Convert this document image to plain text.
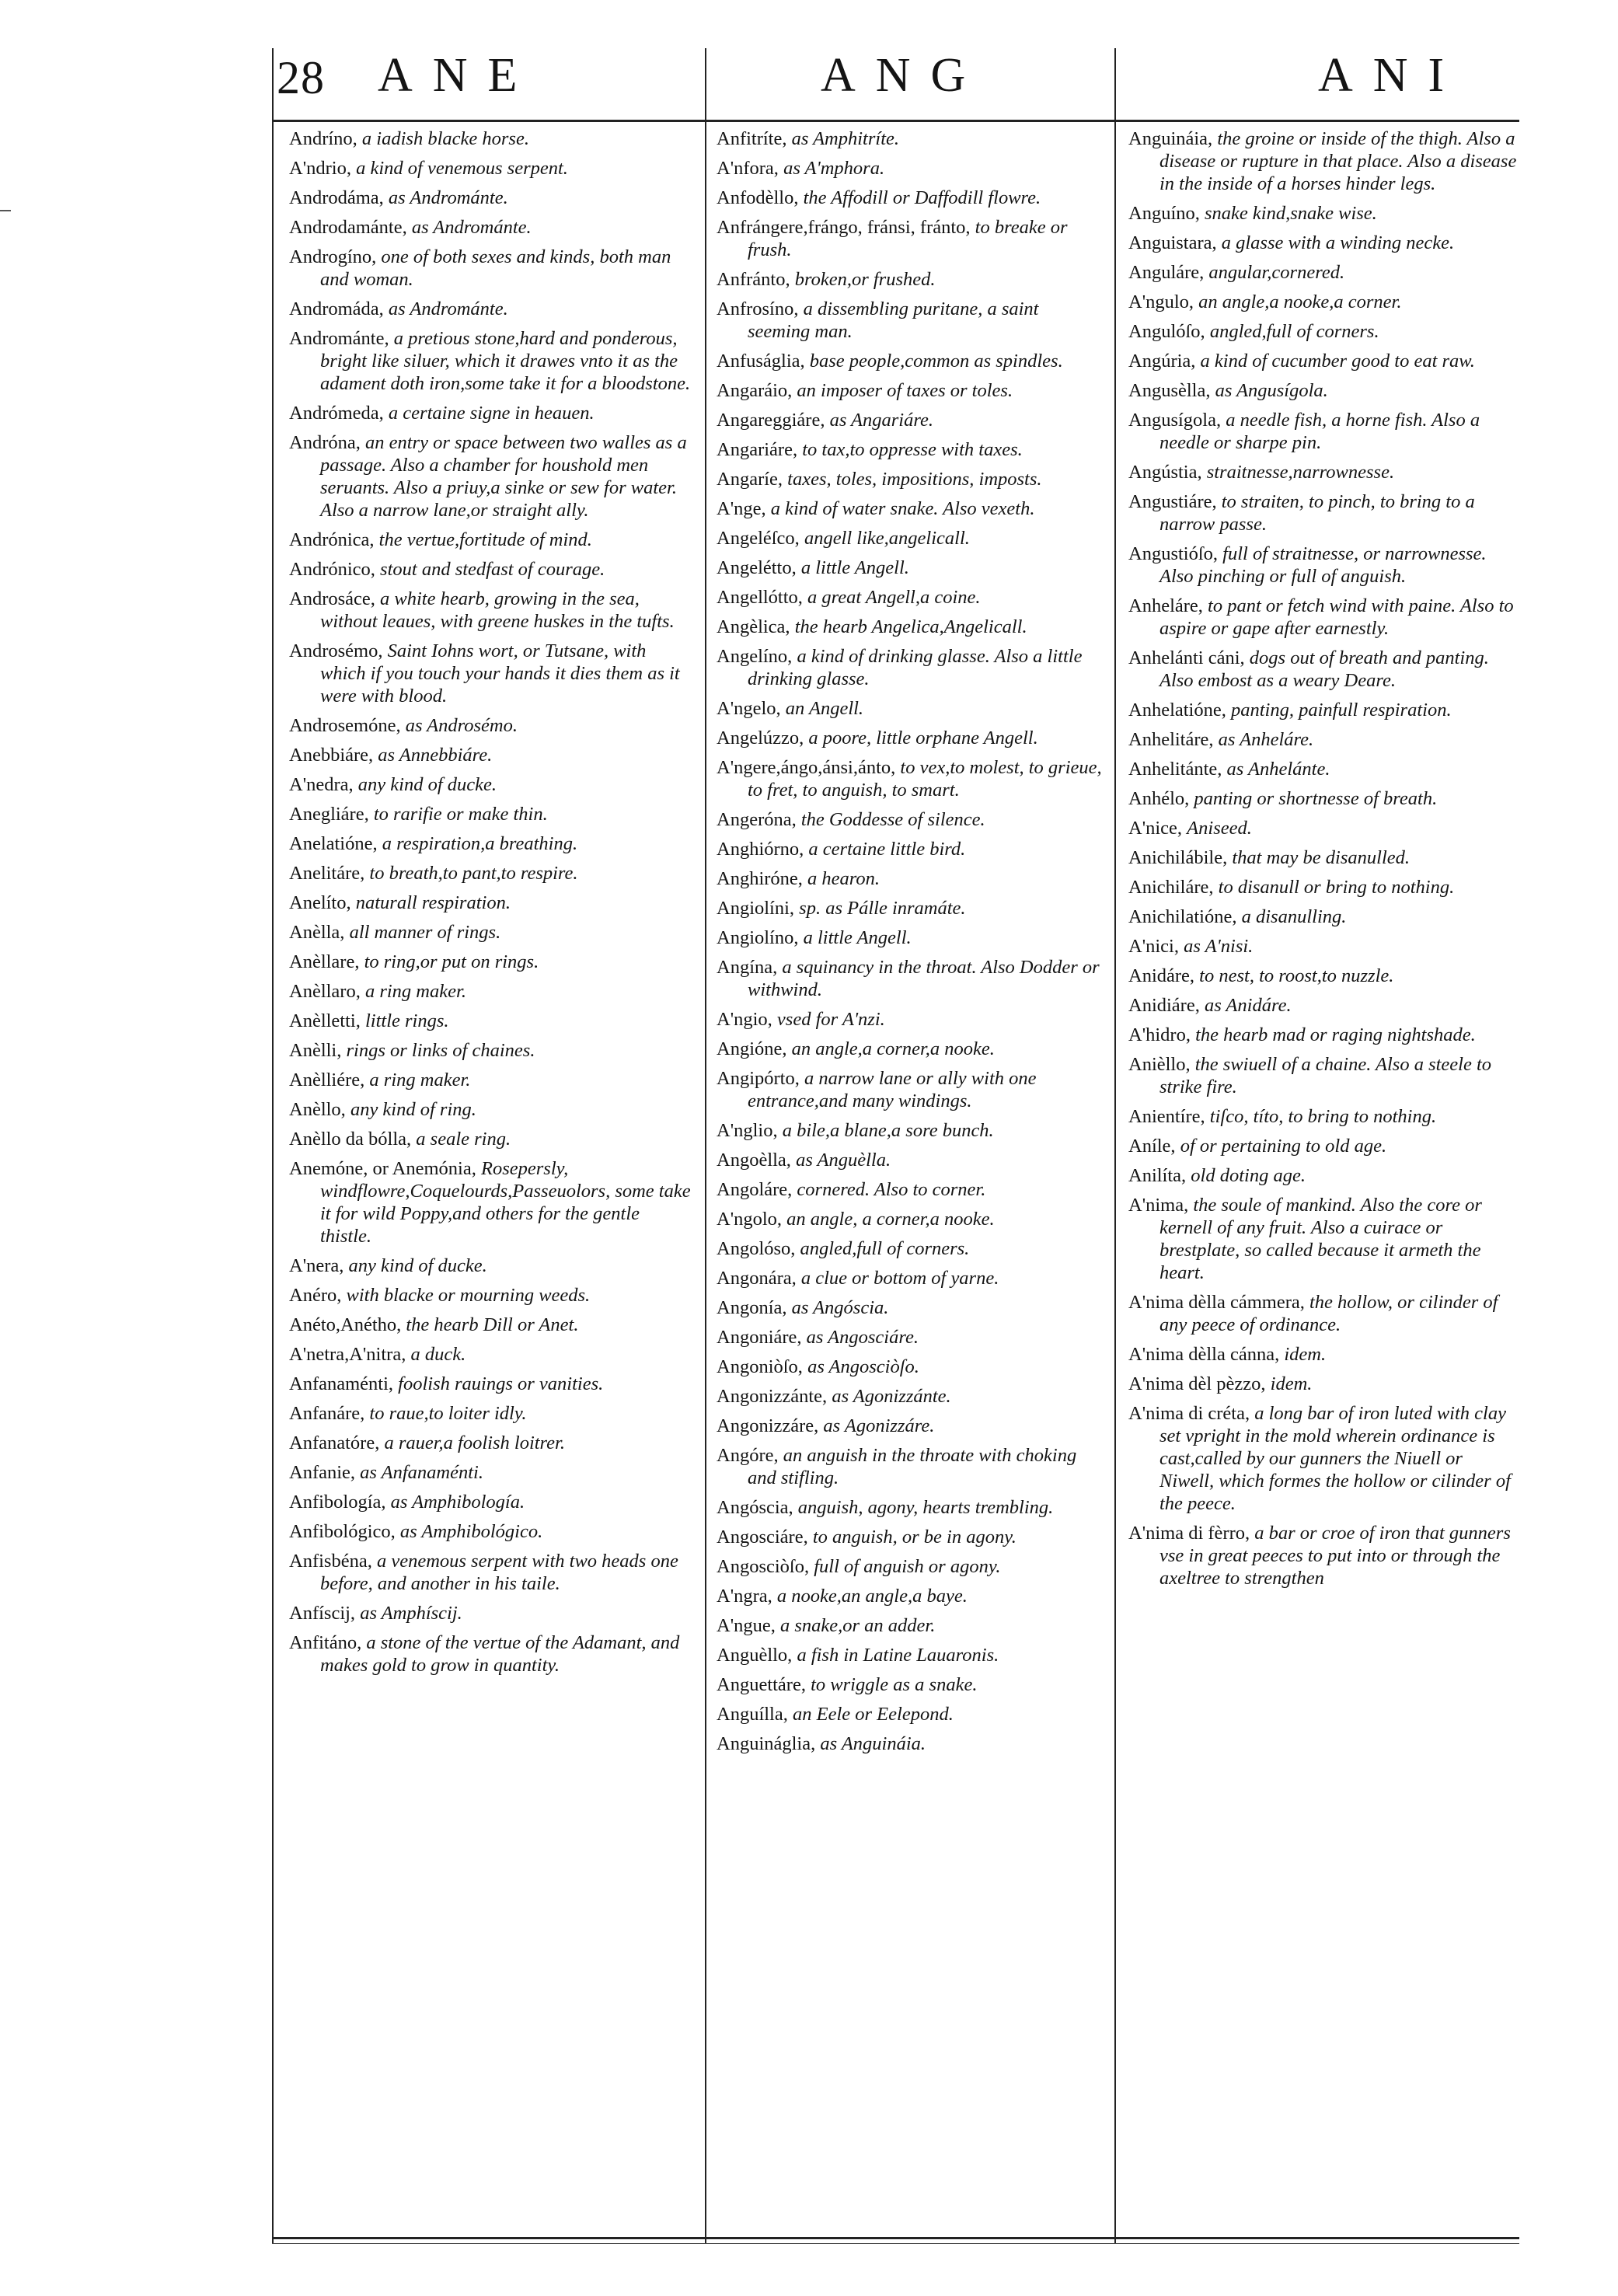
28 ANE	ANG	ANI
Andríno, a iadish blacke horse.
A'ndrio, a kind of venemous serpent.
Androdáma, as Andrománte.
Androdamánte, as Andrománte.
Androgíno, one of both sexes and kinds, both man and woman.
Andromáda, as Andrománte.
Andrománte, a pretious stone,hard and ponderous, bright like siluer, which it drawes vnto it as the adament doth iron,some take it for a bloodstone.
Andrómeda, a certaine signe in heauen.
Andróna, an entry or space between two walles as a passage. Also a chamber for houshold men seruants. Also a priuy,a sinke or sew for water. Also a narrow lane,or straight ally.
Andrónica, the vertue,fortitude of mind.
Andrónico, stout and stedfast of courage.
Androsáce, a white hearb, growing in the sea, without leaues, with greene huskes in the tufts.
Androsémo, Saint Iohns wort, or Tutsane, with which if you touch your hands it dies them as it were with blood.
Androsemóne, as Androsémo.
Anebbiáre, as Annebbiáre.
A'nedra, any kind of ducke.
Anegliáre, to rarifie or make thin.
Anelatióne, a respiration,a breathing.
Anelitáre, to breath,to pant,to respire.
Anelíto, naturall respiration.
Anèlla, all manner of rings.
Anèllare, to ring,or put on rings.
Anèllaro, a ring maker.
Anèlletti, little rings.
Anèlli, rings or links of chaines.
Anèlliére, a ring maker.
Anèllo, any kind of ring.
Anèllo da bólla, a seale ring.
Anemóne, or Anemónia, Rosepersly, windflowre,Coquelourds,Passeuolors, some take it for wild Poppy,and others for the gentle thistle.
A'nera, any kind of ducke.
Anéro, with blacke or mourning weeds.
Anéto,Anétho, the hearb Dill or Anet.
A'netra,A'nitra, a duck.
Anfanaménti, foolish rauings or vanities.
Anfanáre, to raue,to loiter idly.
Anfanatóre, a rauer,a foolish loitrer.
Anfanie, as Anfanaménti.
Anfibología, as Amphibología.
Anfibológico, as Amphibológico.
Anfisbéna, a venemous serpent with two heads one before, and another in his taile.
Anfíscij, as Amphíscij.
Anfitáno, a stone of the vertue of the Adamant, and makes gold to grow in quantity.
Anfitríte, as Amphitríte.
A'nfora, as A'mphora.
Anfodèllo, the Affodill or Daffodill flowre.
Anfrángere,frángo, fránsi, fránto, to breake or frush.
Anfránto, broken,or frushed.
Anfrosíno, a dissembling puritane, a saint seeming man.
Anfuságlia, base people,common as spindles.
Angaráio, an imposer of taxes or toles.
Angareggiáre, as Angariáre.
Angariáre, to tax,to oppresse with taxes.
Angaríe, taxes, toles, impositions, imposts.
A'nge, a kind of water snake. Also vexeth.
Angeléſco, angell like,angelicall.
Angelétto, a little Angell.
Angellótto, a great Angell,a coine.
Angèlica, the hearb Angelica,Angelicall.
Angelíno, a kind of drinking glasse. Also a little drinking glasse.
A'ngelo, an Angell.
Angelúzzo, a poore, little orphane Angell.
A'ngere,ángo,ánsi,ánto, to vex,to molest, to grieue, to fret, to anguish, to smart.
Angeróna, the Goddesse of silence.
Anghiórno, a certaine little bird.
Anghiróne, a hearon.
Angiolíni, sp. as Pálle inramáte.
Angiolíno, a little Angell.
Angína, a squinancy in the throat. Also Dodder or withwind.
A'ngio, vsed for A'nzi.
Angióne, an angle,a corner,a nooke.
Angipórto, a narrow lane or ally with one entrance,and many windings.
A'nglio, a bile,a blane,a sore bunch.
Angoèlla, as Anguèlla.
Angoláre, cornered. Also to corner.
A'ngolo, an angle, a corner,a nooke.
Angolóso, angled,full of corners.
Angonára, a clue or bottom of yarne.
Angonía, as Angóscia.
Angoniáre, as Angosciáre.
Angoniòſo, as Angosciòſo.
Angonizzánte, as Agonizzánte.
Angonizzáre, as Agonizzáre.
Angóre, an anguish in the throate with choking and stifling.
Angóscia, anguish, agony, hearts trembling.
Angosciáre, to anguish, or be in agony.
Angosciòſo, full of anguish or agony.
A'ngra, a nooke,an angle,a baye.
A'ngue, a snake,or an adder.
Anguèllo, a fish in Latine Lauaronis.
Anguettáre, to wriggle as a snake.
Anguílla, an Eele or Eelepond.
Anguináglia, as Anguináia.
Anguináia, the groine or inside of the thigh. Also a disease or rupture in that place. Also a disease in the inside of a horses hinder legs.
Anguíno, snake kind,snake wise.
Anguistara, a glasse with a winding necke.
Anguláre, angular,cornered.
A'ngulo, an angle,a nooke,a corner.
Angulóſo, angled,full of corners.
Angúria, a kind of cucumber good to eat raw.
Angusèlla, as Angusígola.
Angusígola, a needle fish, a horne fish. Also a needle or sharpe pin.
Angústia, straitnesse,narrownesse.
Angustiáre, to straiten, to pinch, to bring to a narrow passe.
Angustióſo, full of straitnesse, or narrownesse. Also pinching or full of anguish.
Anheláre, to pant or fetch wind with paine. Also to aspire or gape after earnestly.
Anhelánti cáni, dogs out of breath and panting. Also embost as a weary Deare.
Anhelatióne, panting, painfull respiration.
Anhelitáre, as Anheláre.
Anhelitánte, as Anhelánte.
Anhélo, panting or shortnesse of breath.
A'nice, Aniseed.
Anichilábile, that may be disanulled.
Anichiláre, to disanull or bring to nothing.
Anichilatióne, a disanulling.
A'nici, as A'nisi.
Anidáre, to nest, to roost,to nuzzle.
Anidiáre, as Anidáre.
A'hidro, the hearb mad or raging nightshade.
Anièllo, the swiuell of a chaine. Also a steele to strike fire.
Anientíre, tiſco, títo, to bring to nothing.
Aníle, of or pertaining to old age.
Anilíta, old doting age.
A'nima, the soule of mankind. Also the core or kernell of any fruit. Also a cuirace or brestplate, so called because it armeth the heart.
A'nima dèlla cámmera, the hollow, or cilinder of any peece of ordinance.
A'nima dèlla cánna, idem.
A'nima dèl pèzzo, idem.
A'nima di créta, a long bar of iron luted with clay set vpright in the mold wherein ordinance is cast,called by our gunners the Niuell or Niwell, which formes the hollow or cilinder of the peece.
A'nima di fèrro, a bar or croe of iron that gunners vse in great peeces to put into or through the axeltree to strengthen
